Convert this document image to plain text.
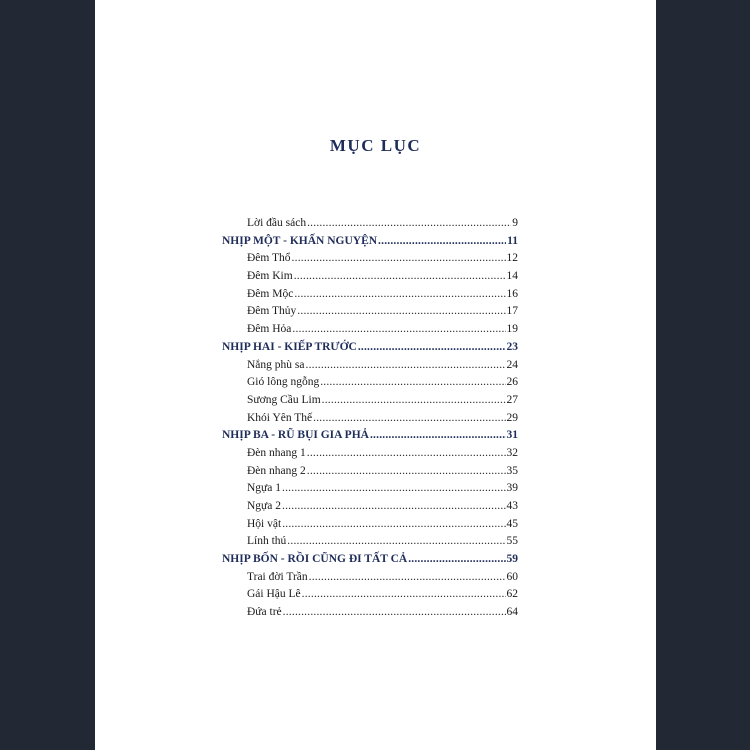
MỤC LỤC
Lời đầu sách .....	9
NHỊP MỘT - KHẤN NGUYỆN .....	11
Đêm Thổ .....	12
Đêm Kim .....	14
Đêm Mộc .....	16
Đêm Thủy .....	17
Đêm Hỏa .....	19
NHỊP HAI - KIẾP TRƯỚC .....	23
Nắng phù sa .....	24
Gió lông ngỗng .....	26
Sương Cầu Lim .....	27
Khói Yên Thế .....	29
NHỊP BA - RŨ BỤI GIA PHẢ .....	31
Đèn nhang 1 .....	32
Đèn nhang 2 .....	35
Ngựa 1 .....	39
Ngựa 2 .....	43
Hội vật .....	45
Lính thú .....	55
NHỊP BỐN - RỒI CŨNG ĐI TẤT CẢ .....	59
Trai đời Trần .....	60
Gái Hậu Lê .....	62
Đứa trẻ .....	64
